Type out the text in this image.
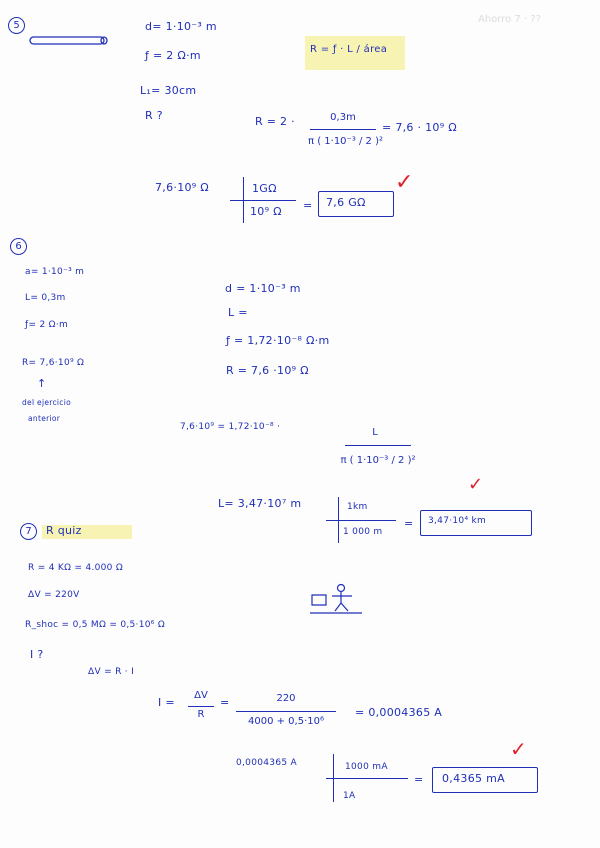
Ahorro 7 · ??
5	d= 1·10⁻³ m
ƒ = 2 Ω·m
L₁= 30cm
R ?
R = ƒ · L / área
R = 2 ·	0,3m
π ( 1·10⁻³ / 2 )²
= 7,6 · 10⁹ Ω
7,6·10⁹ Ω	1GΩ
10⁹ Ω = 7,6 GΩ
✓
6
a= 1·10⁻³ m
L= 0,3m
ƒ= 2 Ω·m
R= 7,6·10⁹ Ω
↑
del ejercicio
anterior
d = 1·10⁻³ m
L =
ƒ = 1,72·10⁻⁸ Ω·m
R = 7,6 ·10⁹ Ω
7,6·10⁹ = 1,72·10⁻⁸ ·	L
π ( 1·10⁻³ / 2 )²
L= 3,47·10⁷ m	1km
1 000 m
= 3,47·10⁴ km
✓
7	R quiz
R = 4 KΩ = 4.000 Ω
ΔV = 220V
R_shoc = 0,5 MΩ = 0,5·10⁶ Ω
I ?
ΔV = R · I
I =
ΔV
R
=	220
4000 + 0,5·10⁶
= 0,0004365 A
0,0004365 A	1000 mA
1A
= 0,4365 mA
✓
